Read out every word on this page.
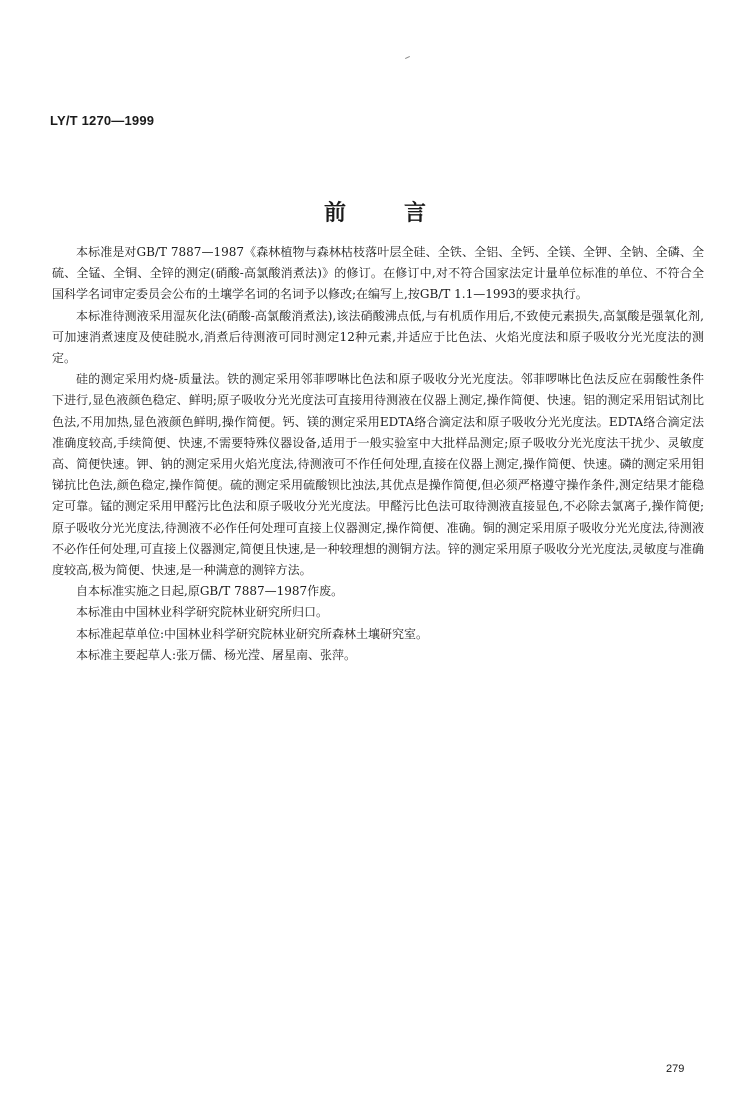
LY/T 1270—1999
前	言

本标准是对GB/T 7887—1987《森林植物与森林枯枝落叶层全硅、全铁、全铝、全钙、全镁、全钾、全钠、全磷、全硫、全锰、全铜、全锌的测定(硝酸-高氯酸消煮法)》的修订。在修订中,对不符合国家法定计量单位标准的单位、不符合全国科学名词审定委员会公布的土壤学名词的名词予以修改;在编写上,按GB/T 1.1—1993的要求执行。

本标准待测液采用湿灰化法(硝酸-高氯酸消煮法),该法硝酸沸点低,与有机质作用后,不致使元素损失,高氯酸是强氧化剂,可加速消煮速度及使硅脱水,消煮后待测液可同时测定12种元素,并适应于比色法、火焰光度法和原子吸收分光光度法的测定。

硅的测定采用灼烧-质量法。铁的测定采用邻菲啰啉比色法和原子吸收分光光度法。邻菲啰啉比色法反应在弱酸性条件下进行,显色液颜色稳定、鲜明;原子吸收分光光度法可直接用待测液在仪器上测定,操作简便、快速。铝的测定采用铝试剂比色法,不用加热,显色液颜色鲜明,操作简便。钙、镁的测定采用EDTA络合滴定法和原子吸收分光光度法。EDTA络合滴定法准确度较高,手续简便、快速,不需要特殊仪器设备,适用于一般实验室中大批样品测定;原子吸收分光光度法干扰少、灵敏度高、简便快速。钾、钠的测定采用火焰光度法,待测液可不作任何处理,直接在仪器上测定,操作简便、快速。磷的测定采用钼锑抗比色法,颜色稳定,操作简便。硫的测定采用硫酸钡比浊法,其优点是操作简便,但必须严格遵守操作条件,测定结果才能稳定可靠。锰的测定采用甲醛污比色法和原子吸收分光光度法。甲醛污比色法可取待测液直接显色,不必除去氯离子,操作简便;原子吸收分光光度法,待测液不必作任何处理可直接上仪器测定,操作简便、准确。铜的测定采用原子吸收分光光度法,待测液不必作任何处理,可直接上仪器测定,简便且快速,是一种较理想的测铜方法。锌的测定采用原子吸收分光光度法,灵敏度与准确度较高,极为简便、快速,是一种满意的测锌方法。

自本标准实施之日起,原GB/T 7887—1987作废。

本标准由中国林业科学研究院林业研究所归口。

本标准起草单位:中国林业科学研究院林业研究所森林土壤研究室。

本标准主要起草人:张万儒、杨光滢、屠星南、张萍。

279
